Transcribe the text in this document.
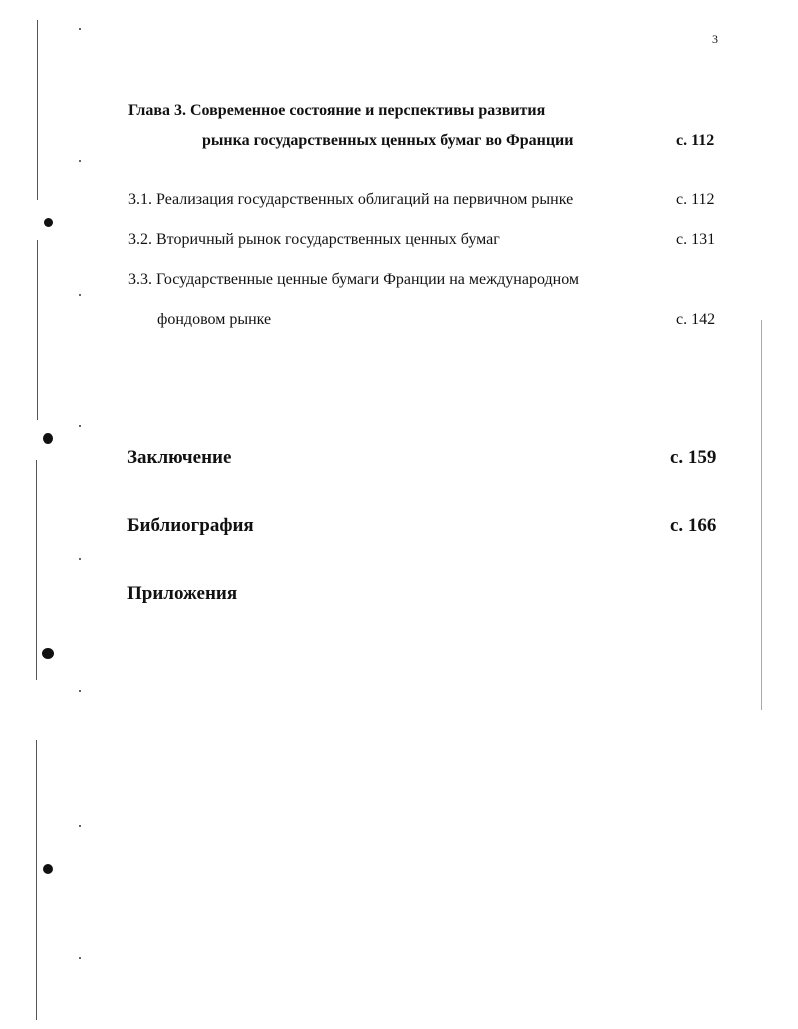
3
Глава 3. Современное состояние и перспективы развития
рынка государственных ценных бумаг во Франции	с. 112
3.1. Реализация государственных облигаций на первичном рынке	с. 112
3.2. Вторичный рынок государственных ценных бумаг	с. 131
3.3. Государственные ценные бумаги Франции на международном
фондовом рынке	с. 142
Заключение	с. 159
Библиография	с. 166
Приложения
